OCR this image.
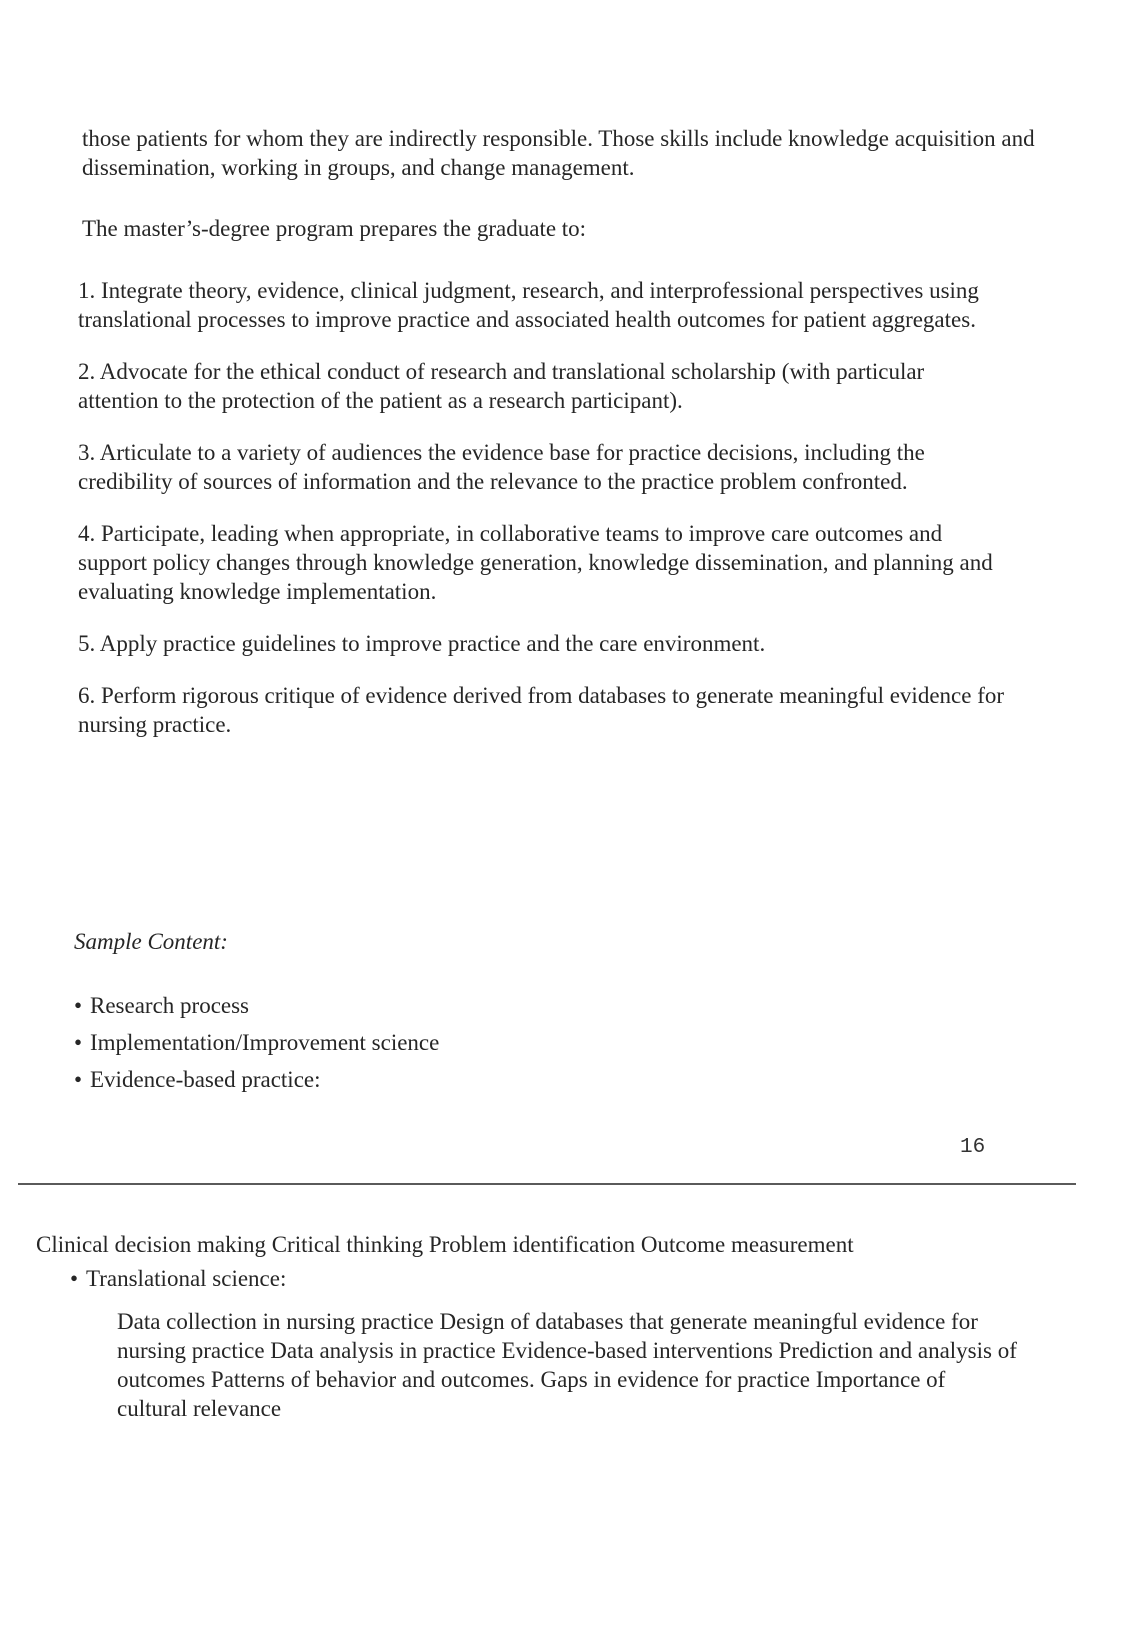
those patients for whom they are indirectly responsible. Those skills include knowledge acquisition and dissemination, working in groups, and change management.

The master’s-degree program prepares the graduate to:

1. Integrate theory, evidence, clinical judgment, research, and interprofessional perspectives using translational processes to improve practice and associated health outcomes for patient aggregates.
2. Advocate for the ethical conduct of research and translational scholarship (with particular attention to the protection of the patient as a research participant).
3. Articulate to a variety of audiences the evidence base for practice decisions, including the credibility of sources of information and the relevance to the practice problem confronted.
4. Participate, leading when appropriate, in collaborative teams to improve care outcomes and support policy changes through knowledge generation, knowledge dissemination, and planning and evaluating knowledge implementation.
5. Apply practice guidelines to improve practice and the care environment.
6. Perform rigorous critique of evidence derived from databases to generate meaningful evidence for nursing practice.

Sample Content:

• Research process
• Implementation/Improvement science
• Evidence-based practice:
16

Clinical decision making Critical thinking Problem identification Outcome measurement

• Translational science:

Data collection in nursing practice Design of databases that generate meaningful evidence for nursing practice Data analysis in practice Evidence-based interventions Prediction and analysis of outcomes Patterns of behavior and outcomes. Gaps in evidence for practice Importance of cultural relevance
